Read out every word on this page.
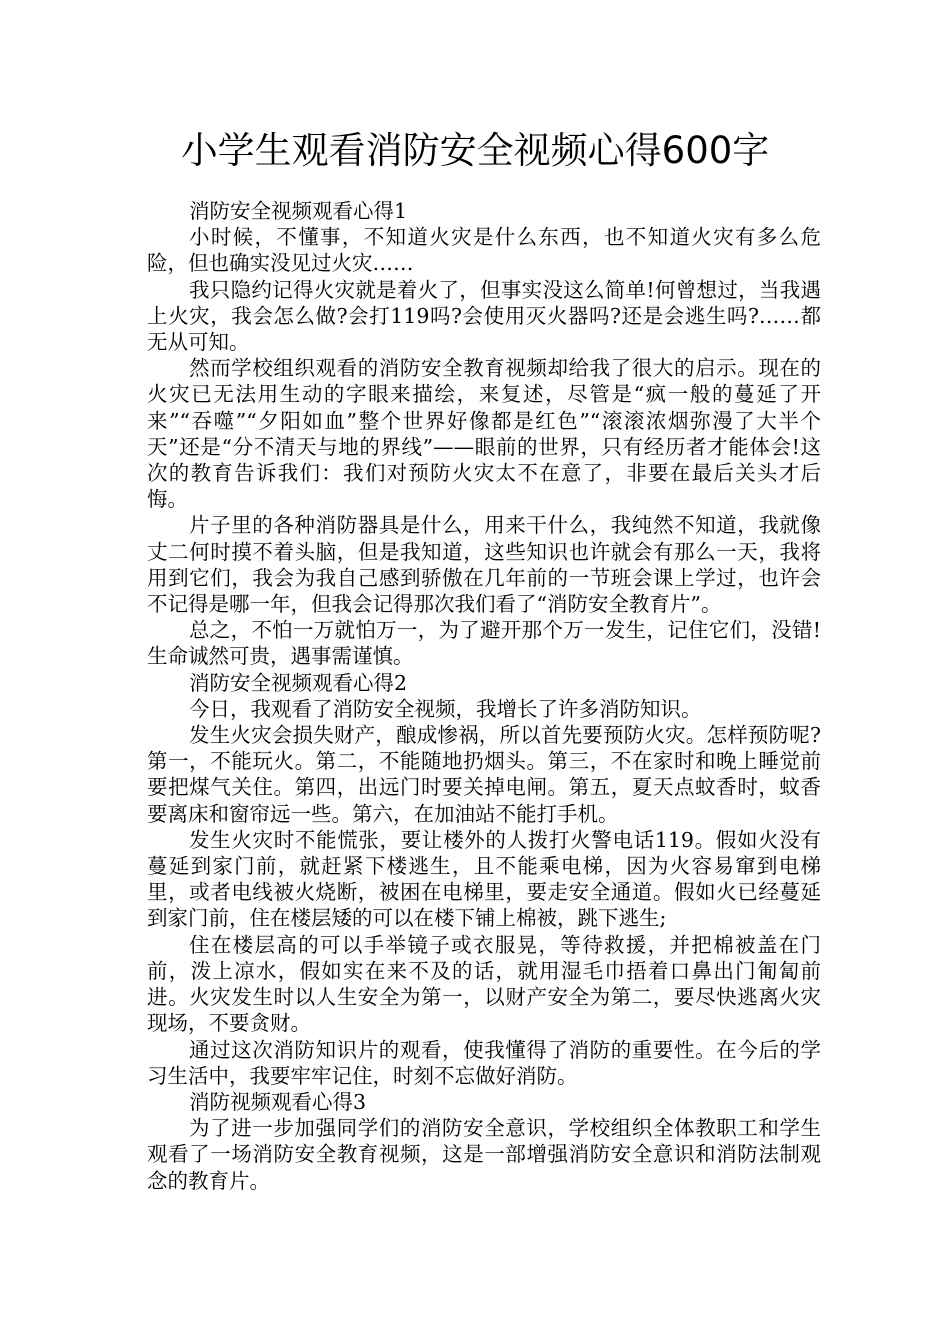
小学生观看消防安全视频心得600字

消防安全视频观看心得1

小时候，不懂事，不知道火灾是什么东西，也不知道火灾有多么危险，但也确实没见过火灾……

我只隐约记得火灾就是着火了，但事实没这么简单!何曾想过，当我遇上火灾，我会怎么做?会打119吗?会使用灭火器吗?还是会逃生吗?……都无从可知。

然而学校组织观看的消防安全教育视频却给我了很大的启示。现在的火灾已无法用生动的字眼来描绘，来复述，尽管是“疯一般的蔓延了开来”“吞噬”“夕阳如血”整个世界好像都是红色”“滚滚浓烟弥漫了大半个天”还是“分不清天与地的界线”——眼前的世界，只有经历者才能体会!这次的教育告诉我们：我们对预防火灾太不在意了，非要在最后关头才后悔。

片子里的各种消防器具是什么，用来干什么，我纯然不知道，我就像丈二何时摸不着头脑，但是我知道，这些知识也许就会有那么一天，我将用到它们，我会为我自己感到骄傲在几年前的一节班会课上学过，也许会不记得是哪一年，但我会记得那次我们看了“消防安全教育片”。

总之，不怕一万就怕万一，为了避开那个万一发生，记住它们，没错!生命诚然可贵，遇事需谨慎。

消防安全视频观看心得2

今日，我观看了消防安全视频，我增长了许多消防知识。

发生火灾会损失财产，酿成惨祸，所以首先要预防火灾。怎样预防呢?第一，不能玩火。第二，不能随地扔烟头。第三，不在家时和晚上睡觉前要把煤气关住。第四，出远门时要关掉电闸。第五，夏天点蚊香时，蚊香要离床和窗帘远一些。第六，在加油站不能打手机。

发生火灾时不能慌张，要让楼外的人拨打火警电话119。假如火没有蔓延到家门前，就赶紧下楼逃生，且不能乘电梯，因为火容易窜到电梯里，或者电线被火烧断，被困在电梯里，要走安全通道。假如火已经蔓延到家门前，住在楼层矮的可以在楼下铺上棉被，跳下逃生;

住在楼层高的可以手举镜子或衣服晃，等待救援，并把棉被盖在门前，泼上凉水，假如实在来不及的话，就用湿毛巾捂着口鼻出门匍匐前进。火灾发生时以人生安全为第一，以财产安全为第二，要尽快逃离火灾现场，不要贪财。

通过这次消防知识片的观看，使我懂得了消防的重要性。在今后的学习生活中，我要牢牢记住，时刻不忘做好消防。

消防视频观看心得3

为了进一步加强同学们的消防安全意识，学校组织全体教职工和学生观看了一场消防安全教育视频，这是一部增强消防安全意识和消防法制观念的教育片。
